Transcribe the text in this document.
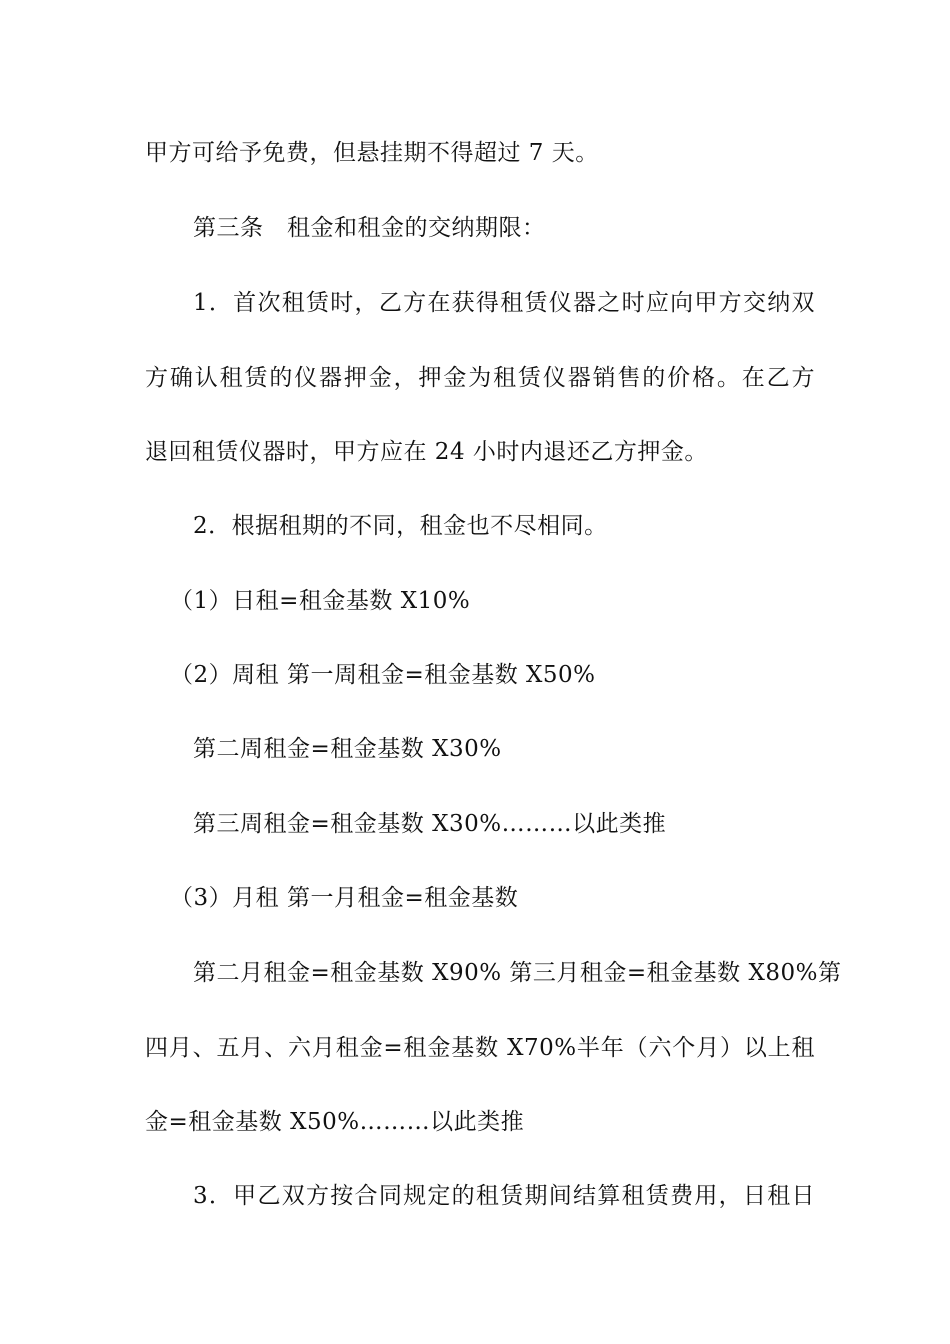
甲方可给予免费，但悬挂期不得超过 7 天。
第三条　租金和租金的交纳期限：
1．首次租赁时，乙方在获得租赁仪器之时应向甲方交纳双
方确认租赁的仪器押金，押金为租赁仪器销售的价格。在乙方
退回租赁仪器时，甲方应在 24 小时内退还乙方押金。
2．根据租期的不同，租金也不尽相同。
（1）日租=租金基数 X10%
（2）周租 第一周租金=租金基数 X50%
第二周租金=租金基数 X30%
第三周租金=租金基数 X30%………以此类推
（3）月租 第一月租金=租金基数
第二月租金=租金基数 X90% 第三月租金=租金基数 X80%第
四月、五月、六月租金=租金基数 X70%半年（六个月）以上租
金=租金基数 X50%………以此类推
3．甲乙双方按合同规定的租赁期间结算租赁费用，日租日
